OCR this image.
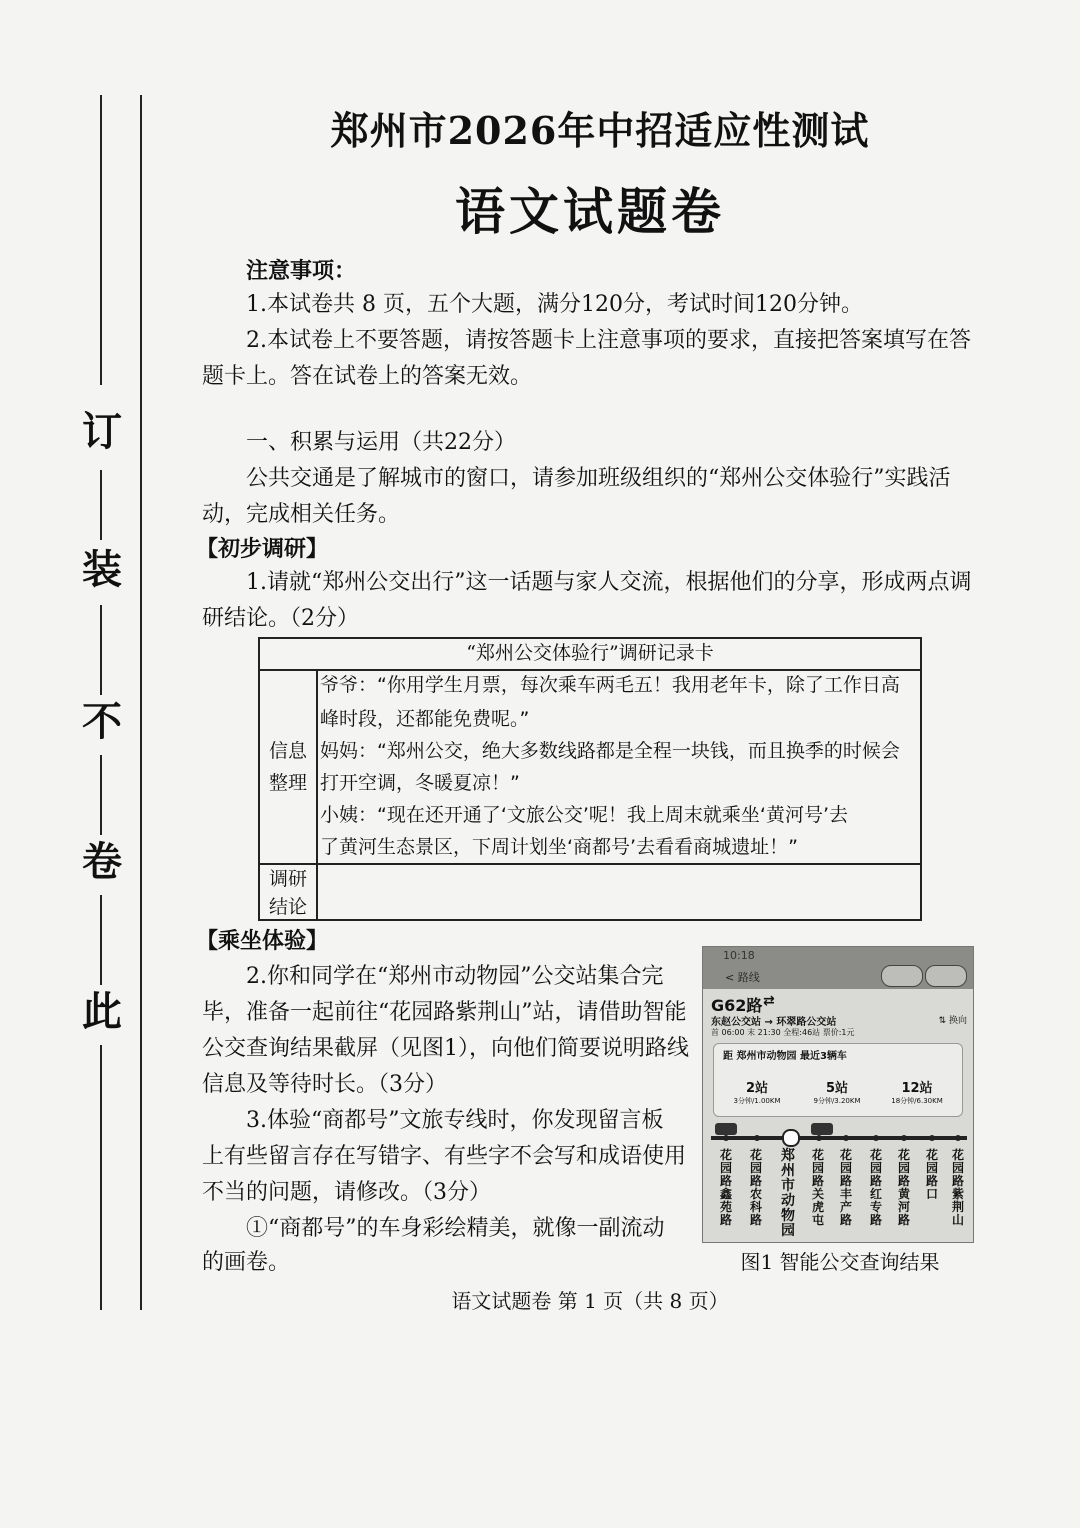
订
装
不
卷
此
郑州市2026年中招适应性测试
语文试题卷
注意事项：
1.本试卷共 8 页，五个大题，满分120分，考试时间120分钟。
2.本试卷上不要答题，请按答题卡上注意事项的要求，直接把答案填写在答
题卡上。答在试卷上的答案无效。
一、积累与运用（共22分）
公共交通是了解城市的窗口，请参加班级组织的“郑州公交体验行”实践活
动，完成相关任务。
【初步调研】
1.请就“郑州公交出行”这一话题与家人交流，根据他们的分享，形成两点调
研结论。（2分）
“郑州公交体验行”调研记录卡
信息
整理
调研
结论
爷爷：“你用学生月票，每次乘车两毛五！我用老年卡，除了工作日高
峰时段，还都能免费呢。”
妈妈：“郑州公交，绝大多数线路都是全程一块钱，而且换季的时候会
打开空调，冬暖夏凉！”
小姨：“现在还开通了‘文旅公交’呢！我上周末就乘坐‘黄河号’去
了黄河生态景区，下周计划坐‘商都号’去看看商城遗址！”
【乘坐体验】
2.你和同学在“郑州市动物园”公交站集合完
毕，准备一起前往“花园路紫荆山”站，请借助智能
公交查询结果截屏（见图1），向他们简要说明路线
信息及等待时长。（3分）
3.体验“商都号”文旅专线时，你发现留言板
上有些留言存在写错字、有些字不会写和成语使用
不当的问题，请修改。（3分）
①“商都号”的车身彩绘精美，就像一副流动
的画卷。
10:18
< 路线
G62路 ⇄
东赵公交站 → 环翠路公交站	⇅ 换向
首 06:00 末 21:30 全程:46站 票价:1元
距 郑州市动物园 最近3辆车
2站
3分钟/1.00KM
5站
9分钟/3.20KM
12站
18分钟/6.30KM
花园路鑫苑路
花园路农科路
郑州市动物园
花园路关虎屯
花园路丰产路
花园路红专路
花园路黄河路
花园路口
花园路紫荆山
图1 智能公交查询结果
语文试题卷 第 1 页（共 8 页）
